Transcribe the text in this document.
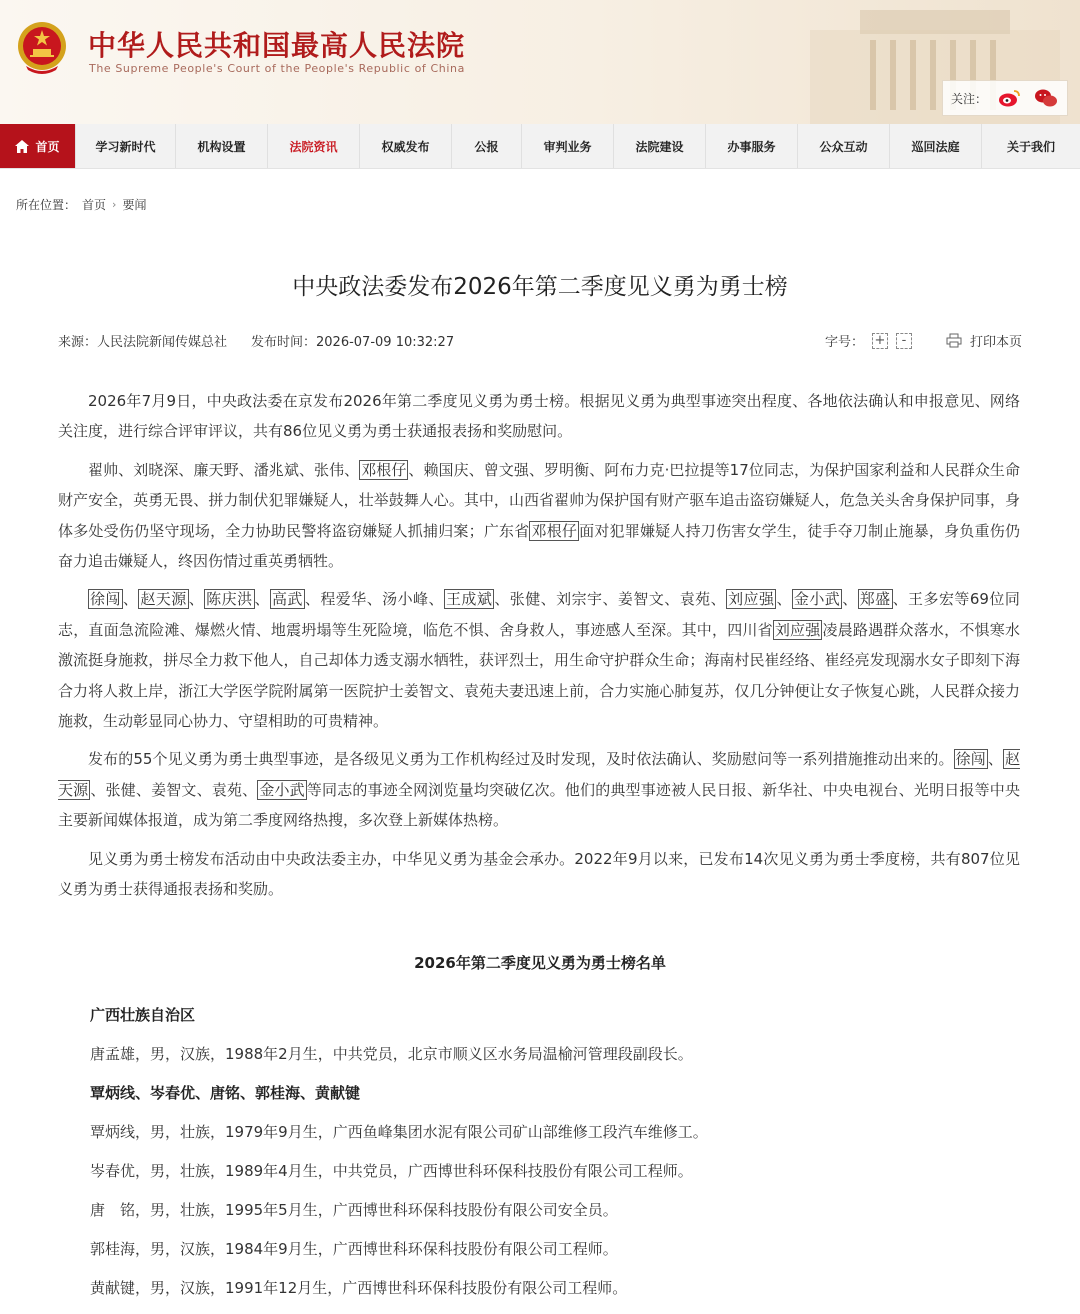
中华人民共和国最高人民法院
The Supreme People's Court of the People's Republic of China
关注：
首页	学习新时代	机构设置	法院资讯	权威发布	公报	审判业务	法院建设	办事服务	公众互动	巡回法庭	关于我们
所在位置： 首页 › 要闻
中央政法委发布2026年第二季度见义勇为勇士榜
来源：人民法院新闻传媒总社 发布时间：2026-07-09 10:32:27	字号： +	-	打印本页

2026年7月9日，中央政法委在京发布2026年第二季度见义勇为勇士榜。根据见义勇为典型事迹突出程度、各地依法确认和申报意见、网络关注度，进行综合评审评议，共有86位见义勇为勇士获通报表扬和奖励慰问。

翟帅、刘晓深、廉天野、潘兆斌、张伟、 邓根仔 、赖国庆、曾文强、罗明衡、阿布力克·巴拉提等17位同志，为保护国家利益和人民群众生命财产安全，英勇无畏、拼力制伏犯罪嫌疑人，壮举鼓舞人心。其中，山西省翟帅为保护国有财产驱车追击盗窃嫌疑人，危急关头舍身保护同事，身体多处受伤仍坚守现场，全力协助民警将盗窃嫌疑人抓捕归案；广东省 邓根仔 面对犯罪嫌疑人持刀伤害女学生，徒手夺刀制止施暴，身负重伤仍奋力追击嫌疑人，终因伤情过重英勇牺牲。

徐闯 、 赵天源 、 陈庆洪 、 高武 、程爱华、汤小峰、 王成斌 、张健、刘宗宇、姜智文、袁苑、 刘应强 、 金小武 、 郑盛 、王多宏等69位同志，直面急流险滩、爆燃火情、地震坍塌等生死险境，临危不惧、舍身救人，事迹感人至深。其中，四川省 刘应强 凌晨路遇群众落水，不惧寒水激流挺身施救，拼尽全力救下他人，自己却体力透支溺水牺牲，获评烈士，用生命守护群众生命；海南村民崔经络、崔经亮发现溺水女子即刻下海合力将人救上岸，浙江大学医学院附属第一医院护士姜智文、袁苑夫妻迅速上前，合力实施心肺复苏，仅几分钟便让女子恢复心跳，人民群众接力施救，生动彰显同心协力、守望相助的可贵精神。

发布的55个见义勇为勇士典型事迹，是各级见义勇为工作机构经过及时发现，及时依法确认、奖励慰问等一系列措施推动出来的。 徐闯 、 赵天源 、张健、姜智文、袁苑、 金小武 等同志的事迹全网浏览量均突破亿次。他们的典型事迹被人民日报、新华社、中央电视台、光明日报等中央主要新闻媒体报道，成为第二季度网络热搜，多次登上新媒体热榜。

见义勇为勇士榜发布活动由中央政法委主办，中华见义勇为基金会承办。2022年9月以来，已发布14次见义勇为勇士季度榜，共有807位见义勇为勇士获得通报表扬和奖励。

2026年第二季度见义勇为勇士榜名单
广西壮族自治区
唐孟雄，男，汉族，1988年2月生，中共党员，北京市顺义区水务局温榆河管理段副段长。
覃炳线、岑春优、唐铭、郭桂海、黄献键
覃炳线，男，壮族，1979年9月生，广西鱼峰集团水泥有限公司矿山部维修工段汽车维修工。
岑春优，男，壮族，1989年4月生，中共党员，广西博世科环保科技股份有限公司工程师。
唐　铭，男，壮族，1995年5月生，广西博世科环保科技股份有限公司安全员。
郭桂海，男，汉族，1984年9月生，广西博世科环保科技股份有限公司工程师。
黄献键，男，汉族，1991年12月生，广西博世科环保科技股份有限公司工程师。
